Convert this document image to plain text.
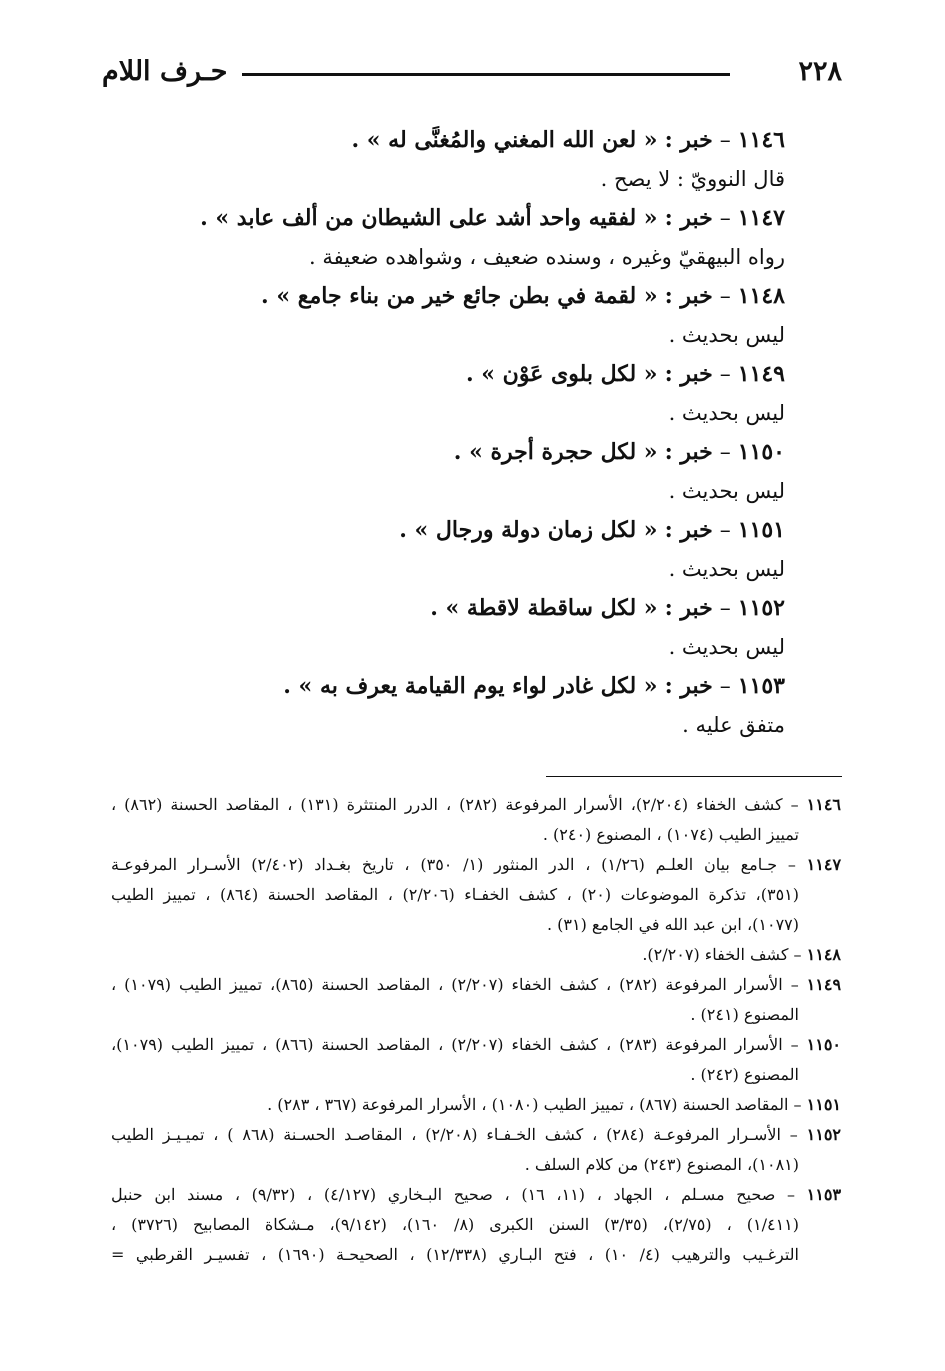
٢٢٨
حـرف اللام
١١٤٦ – خبر : « لعن الله المغني والمُغنَّى له » .
قال النوويّ : لا يصح .
١١٤٧ – خبر : « لفقيه واحد أشد على الشيطان من ألف عابد » .
رواه البيهقيّ وغيره ، وسنده ضعيف ، وشواهده ضعيفة .
١١٤٨ – خبر : « لقمة في بطن جائع خير من بناء جامع » .
ليس بحديث .
١١٤٩ – خبر : « لكل بلوى عَوْن » .
ليس بحديث .
١١٥٠ – خبر : « لكل حجرة أجرة » .
ليس بحديث .
١١٥١ – خبر : « لكل زمان دولة ورجال » .
ليس بحديث .
١١٥٢ – خبر : « لكل ساقطة لاقطة » .
ليس بحديث .
١١٥٣ – خبر : « لكل غادر لواء يوم القيامة يعرف به » .
متفق عليه .
١١٤٦ – كشف الخفاء (٢/٢٠٤)، الأسرار المرفوعة (٢٨٢) ، الدرر المنتثرة (١٣١) ، المقاصد الحسنة (٨٦٢) ،
تمييز الطيب (١٠٧٤) ، المصنوع (٢٤٠) .
١١٤٧ – جـامع بيان العلـم (١/٢٦) ، الدر المنثور (١/ ٣٥٠) ، تاريخ بغـداد (٢/٤٠٢) الأسـرار المرفوعـة
(٣٥١)، تذكرة الموضوعات (٢٠) ، كشف الخفـاء (٢/٢٠٦) ، المقاصد الحسنة (٨٦٤) ، تمييز الطيب
(١٠٧٧)، ابن عبد الله في الجامع (٣١) .
١١٤٨ – كشف الخفاء (٢/٢٠٧).
١١٤٩ – الأسرار المرفوعة (٢٨٢) ، كشف الخفاء (٢/٢٠٧) ، المقاصد الحسنة (٨٦٥)، تمييز الطيب (١٠٧٩) ،
المصنوع (٢٤١) .
١١٥٠ – الأسرار المرفوعة (٢٨٣) ، كشف الخفاء (٢/٢٠٧) ، المقاصد الحسنة (٨٦٦) ، تمييز الطيب (١٠٧٩)،
المصنوع (٢٤٢) .
١١٥١ – المقاصد الحسنة (٨٦٧) ، تمييز الطيب (١٠٨٠) ، الأسرار المرفوعة (٣٦٧ ، ٢٨٣) .
١١٥٢ – الأسـرار المرفوعـة (٢٨٤) ، كشف الخـفـاء (٢/٢٠٨) ، المقاصـد الحسـنة (٨٦٨ ) ، تميـيـز الطيب
(١٠٨١)، المصنوع (٢٤٣) من كلام السلف .
١١٥٣ – صحيح مسـلم ، الجهاد ، (١١، ١٦) ، صحيح البـخاري (٤/١٢٧) ، (٩/٣٢) ، مسند ابن حنبل
(١/٤١١) ، (٢/٧٥)، (٣/٣٥) السنن الكبرى (٨/ ١٦٠)، (٩/١٤٢)، مـشكاة المصابيح (٣٧٢٦) ،
الترغـيب والترهيب (٤/ ١٠) ، فتح البـاري (١٢/٣٣٨) ، الصحيحـة (١٦٩٠) ، تفسيـر القرطبي =
